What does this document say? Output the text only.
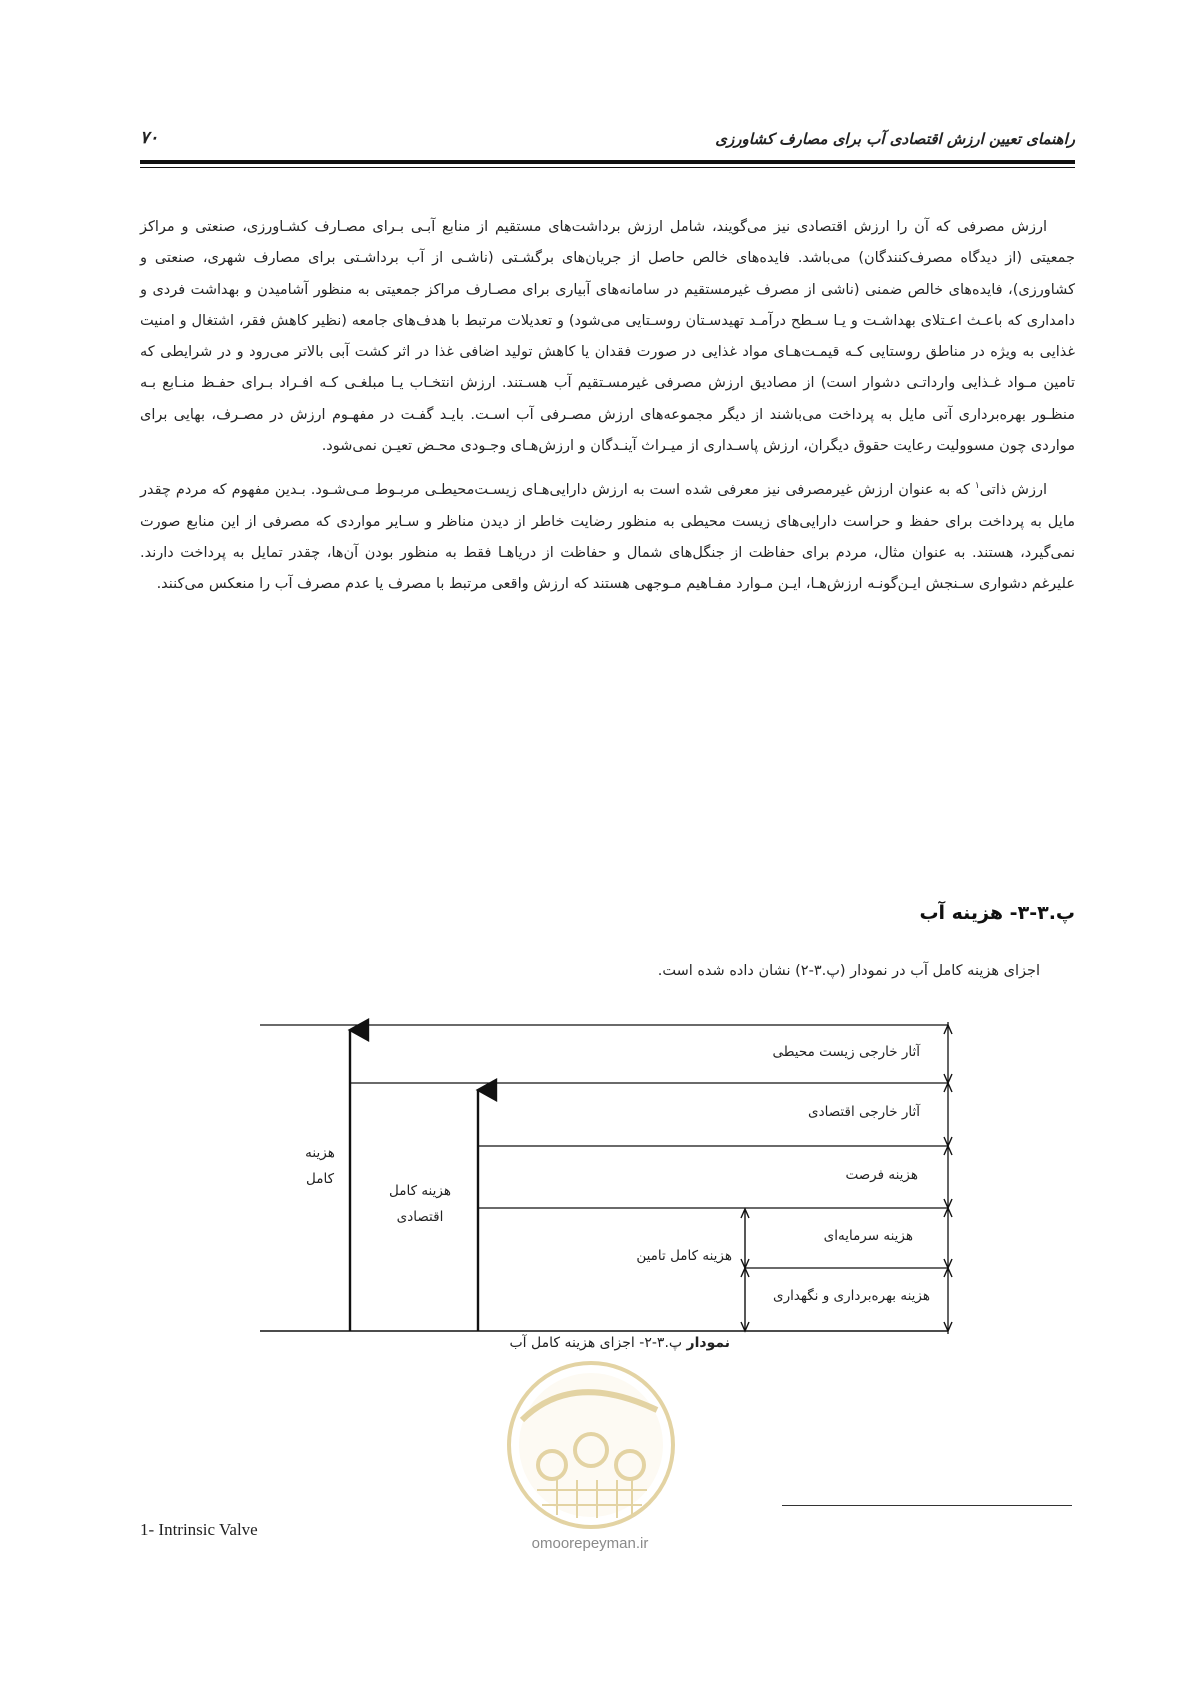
راهنمای تعیین ارزش اقتصادی آب برای مصارف کشاورزی
۷۰

ارزش مصرفی که آن را ارزش اقتصادی نیز می‌گویند، شامل ارزش برداشت‌های مستقیم از منابع آبـی بـرای مصـارف کشـاورزی، صنعتی و مراکز جمعیتی (از دیدگاه مصرف‌کنندگان) می‌باشد. فایده‌های خالص حاصل از جریان‌های برگشـتی (ناشـی از آب برداشـتی برای مصارف شهری، صنعتی و کشاورزی)، فایده‌های خالص ضمنی (ناشی از مصرف غیرمستقیم در سامانه‌های آبیاری برای مصـارف مراکز جمعیتی به منظور آشامیدن و بهداشت فردی و دامداری که باعـث اعـتلای بهداشـت و یـا سـطح درآمـد تهیدسـتان روسـتایی می‌شود) و تعدیلات مرتبط با هدف‌های جامعه (نظیر کاهش فقر، اشتغال و امنیت غذایی به ویژه در مناطق روستایی کـه قیمـت‌هـای مواد غذایی در صورت فقدان یا کاهش تولید اضافی غذا در اثر کشت آبی بالاتر می‌رود و در شرایطی که تامین مـواد غـذایی وارداتـی دشوار است) از مصادیق ارزش مصرفی غیرمسـتقیم آب هسـتند. ارزش انتخـاب یـا مبلغـی کـه افـراد بـرای حفـظ منـابع بـه منظـور بهره‌برداری آتی مایل به پرداخت می‌باشند از دیگر مجموعه‌های ارزش مصـرفی آب اسـت. بایـد گفـت در مفهـوم ارزش در مصـرف، بهایی برای مواردی چون مسوولیت رعایت حقوق دیگران، ارزش پاسـداری از میـراث آینـدگان و ارزش‌هـای وجـودی محـض تعیـن نمی‌شود.

ارزش ذاتی$^۱$ که به عنوان ارزش غیرمصرفی نیز معرفی شده است به ارزش دارایی‌هـای زیسـت‌محیطـی مربـوط مـی‌شـود. بـدین مفهوم که مردم چقدر مایل به پرداخت برای حفظ و حراست دارایی‌های زیست محیطی به منظور رضایت خاطر از دیدن مناظر و سـایر مواردی که مصرفی از این منابع صورت نمی‌گیرد، هستند. به عنوان مثال، مردم برای حفاظت از جنگل‌های شمال و حفاظت از دریاهـا فقط به منظور بودن آن‌ها، چقدر تمایل به پرداخت دارند. علیرغم دشواری سـنجش ایـن‌گونـه ارزش‌هـا، ایـن مـوارد مفـاهیم مـوجهی هستند که ارزش واقعی مرتبط با مصرف یا عدم مصرف آب را منعکس می‌کنند.

پ.۳-۳- هزینه آب
اجزای هزینه کامل آب در نمودار (پ.۳-۲) نشان داده شده است.
آثار خارجی زیست محیطی
آثار خارجی اقتصادی
هزینه فرصت
هزینه سرمایه‌ای
هزینه بهره‌برداری و نگهداری
هزینه کامل
هزینه کامل اقتصادی
هزینه کامل تامین
نمودار پ.۳-۲- اجزای هزینه کامل آب
omoorepeyman.ir
1- Intrinsic Valve
